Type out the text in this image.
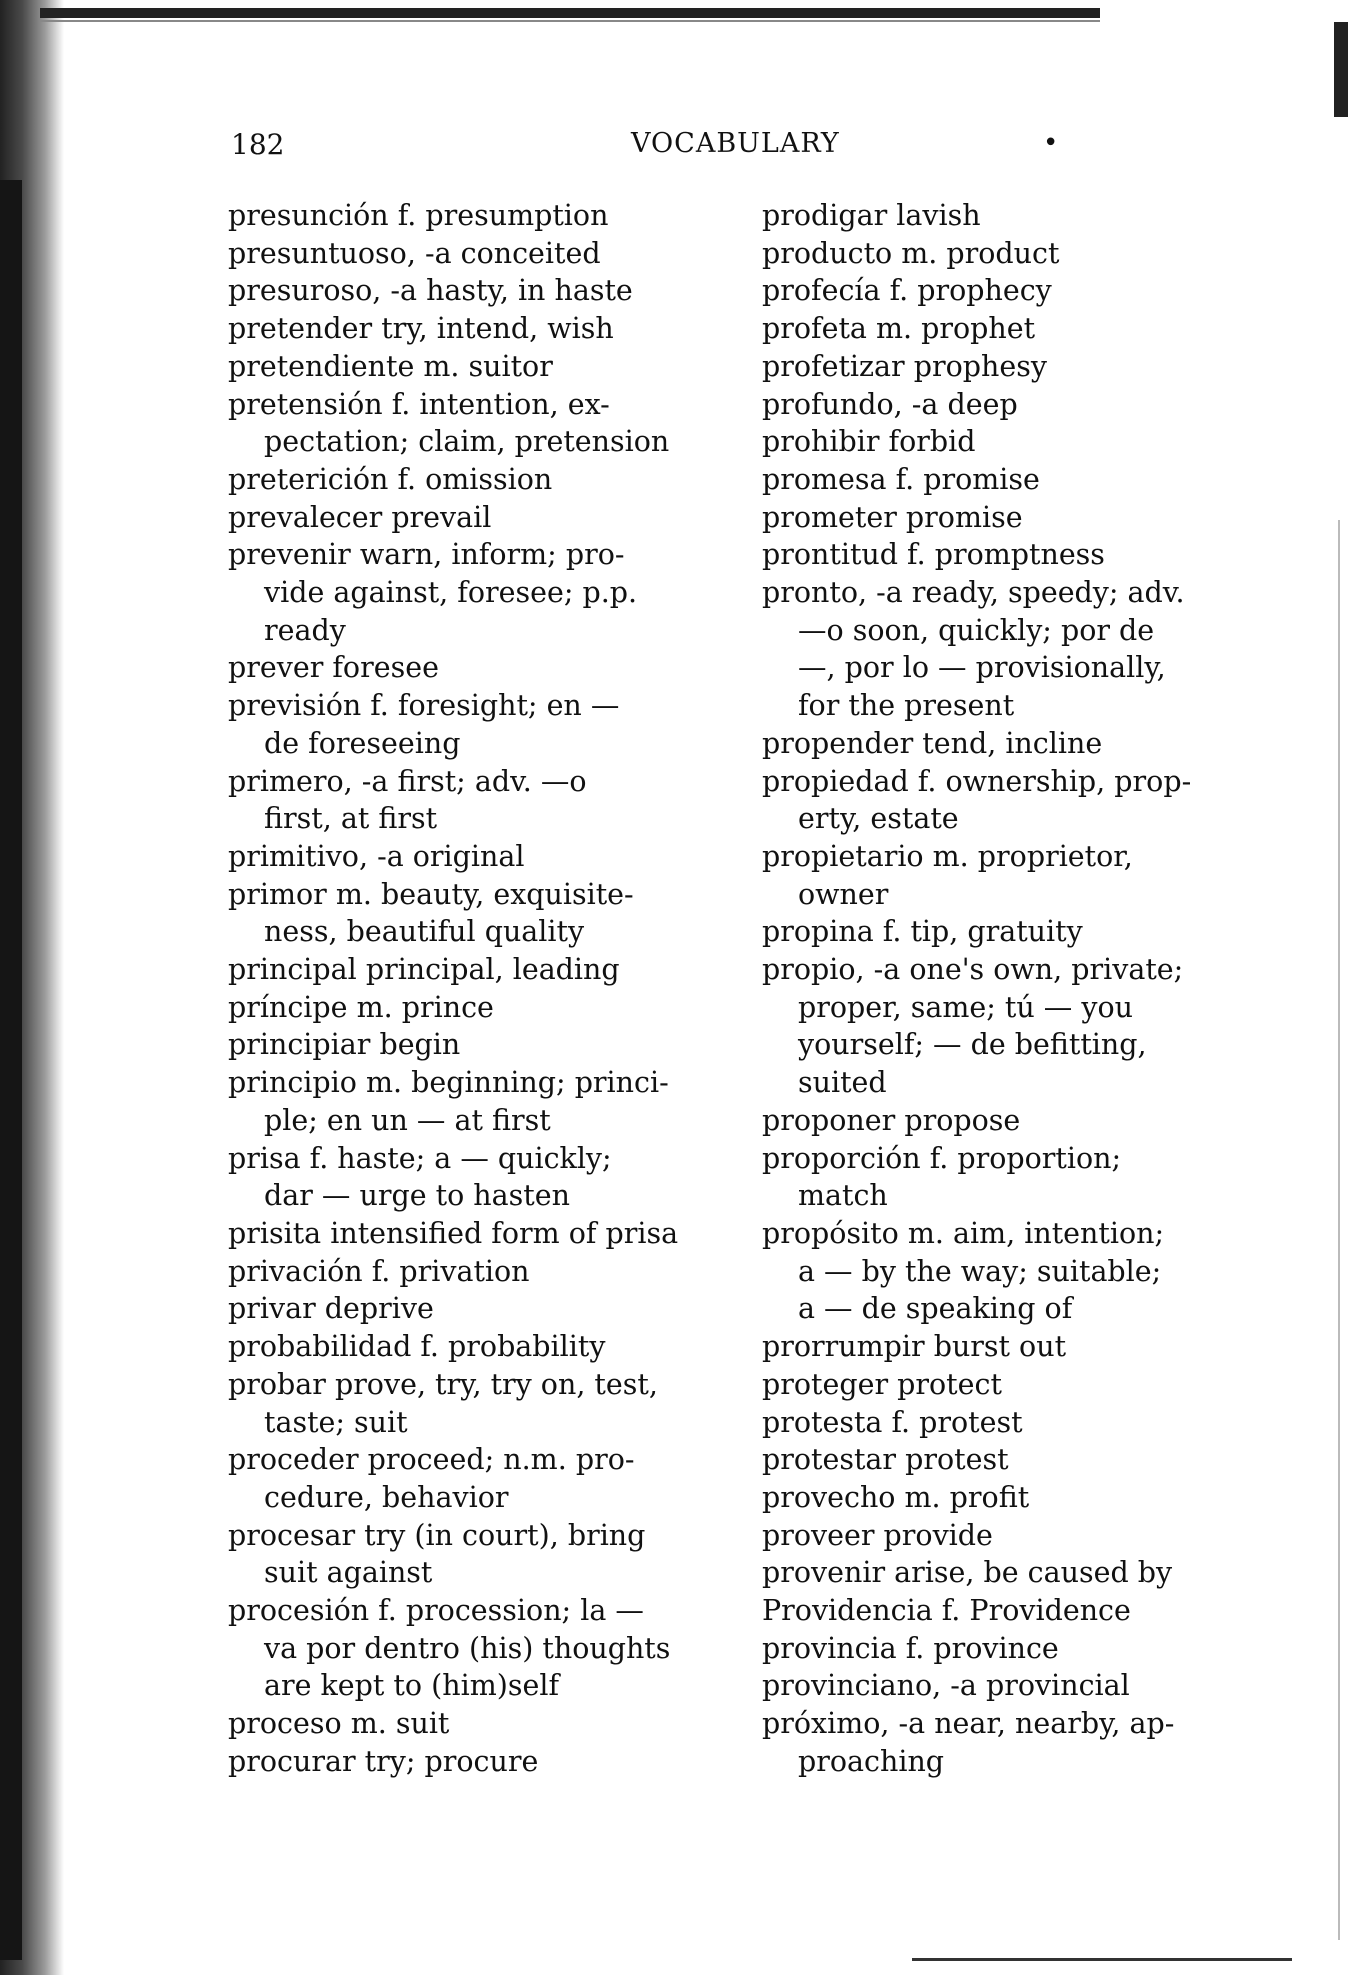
182	VOCABULARY	•
presunción f. presumption
presuntuoso, -a conceited
presuroso, -a hasty, in haste
pretender try, intend, wish
pretendiente m. suitor
pretensión f. intention, ex-
pectation; claim, pretension
preterición f. omission
prevalecer prevail
prevenir warn, inform; pro-
vide against, foresee; p.p.
ready
prever foresee
previsión f. foresight; en —
de foreseeing
primero, -a first; adv. —o
first, at first
primitivo, -a original
primor m. beauty, exquisite-
ness, beautiful quality
principal principal, leading
príncipe m. prince
principiar begin
principio m. beginning; princi-
ple; en un — at first
prisa f. haste; a — quickly;
dar — urge to hasten
prisita intensified form of prisa
privación f. privation
privar deprive
probabilidad f. probability
probar prove, try, try on, test,
taste; suit
proceder proceed; n.m. pro-
cedure, behavior
procesar try (in court), bring
suit against
procesión f. procession; la —
va por dentro (his) thoughts
are kept to (him)self
proceso m. suit
procurar try; procure
prodigar lavish
producto m. product
profecía f. prophecy
profeta m. prophet
profetizar prophesy
profundo, -a deep
prohibir forbid
promesa f. promise
prometer promise
prontitud f. promptness
pronto, -a ready, speedy; adv.
—o soon, quickly; por de
—, por lo — provisionally,
for the present
propender tend, incline
propiedad f. ownership, prop-
erty, estate
propietario m. proprietor,
owner
propina f. tip, gratuity
propio, -a one's own, private;
proper, same; tú — you
yourself; — de befitting,
suited
proponer propose
proporción f. proportion;
match
propósito m. aim, intention;
a — by the way; suitable;
a — de speaking of
prorrumpir burst out
proteger protect
protesta f. protest
protestar protest
provecho m. profit
proveer provide
provenir arise, be caused by
Providencia f. Providence
provincia f. province
provinciano, -a provincial
próximo, -a near, nearby, ap-
proaching
